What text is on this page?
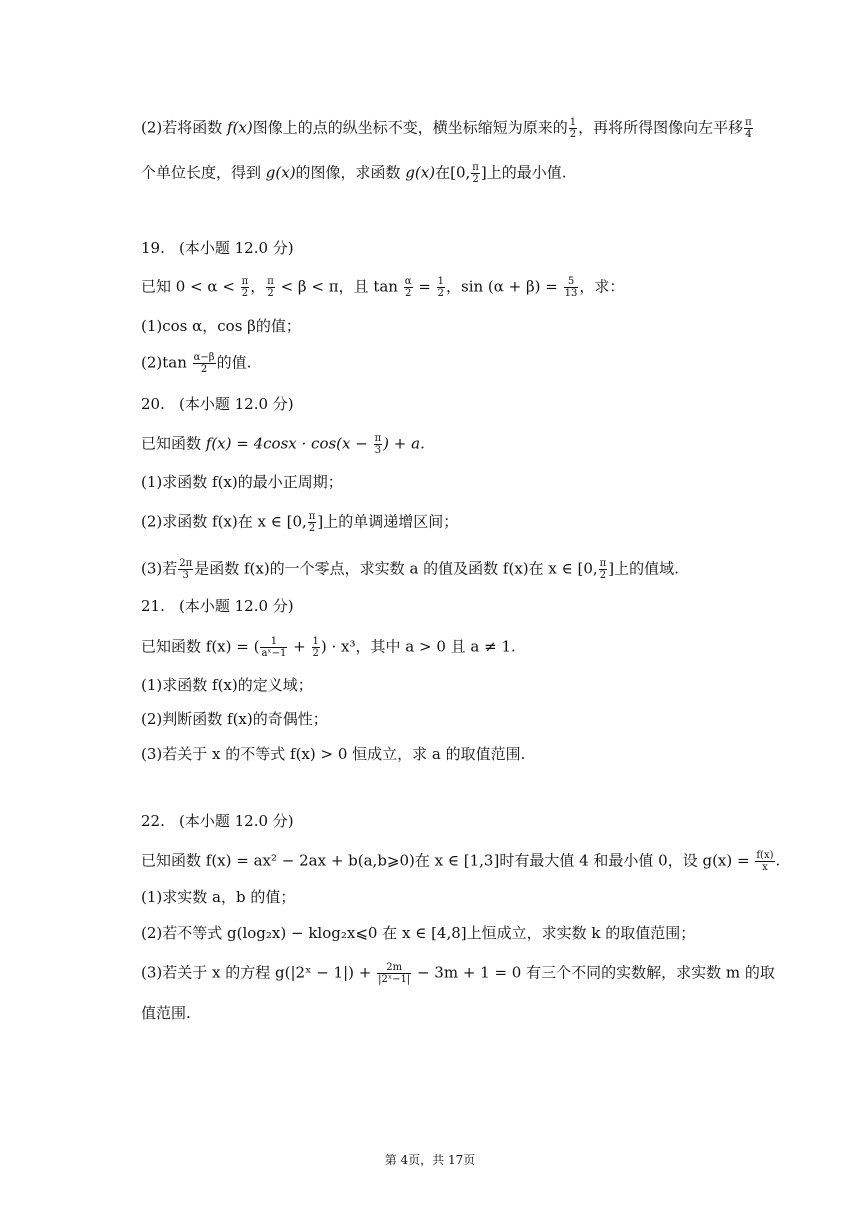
(2)若将函数 f(x)图像上的点的纵坐标不变，横坐标缩短为原来的 $\frac{1}{2}$ ，再将所得图像向左平移 $\frac{\pi}{4}$
个单位长度，得到 g(x)的图像，求函数 g(x)在[0, $\frac{\pi}{2}$ ]上的最小值.
19. (本小题 12.0 分)
已知 $0 < \alpha < \frac{\pi}{2}$ ， $\frac{\pi}{2} < \beta < \pi$，且 $\tan \frac{\alpha}{2} = \frac{1}{2}$ ，$\sin (\alpha + \beta) = \frac{5}{13}$ ，求：
(1)cos α，cos β的值；
$(2)\tan \frac{\alpha-\beta}{2}$ 的值.
20. (本小题 12.0 分)
已知函数 $f(x) = 4\cos x \cdot \cos(x - \frac{\pi}{3}$ ) + a.
(1)求函数 f(x)的最小正周期；
(2)求函数 f(x)在 x ∈ [0, $\frac{\pi}{2}$ ]上的单调递增区间；
(3)若 $\frac{2\pi}{3}$ 是函数 f(x)的一个零点，求实数 a 的值及函数 f(x)在 x ∈ [0, $\frac{\pi}{2}$ ]上的值域.
21. (本小题 12.0 分)
已知函数 f(x) = ( $\frac{1}{\text{aˣ−1}} + \frac{1}{2}$ ) · x³，其中 a > 0 且 a ≠ 1.
(1)求函数 f(x)的定义域；
(2)判断函数 f(x)的奇偶性；
(3)若关于 x 的不等式 f(x) > 0 恒成立，求 a 的取值范围.
22. (本小题 12.0 分)
已知函数 f(x) = ax² − 2ax + b(a,b⩾0)在 x ∈ [1,3]时有最大值 4 和最小值 0，设 $g(x) = \frac{f(x)}{x}$ .
(1)求实数 a，b 的值；
(2)若不等式 g(log₂x) − klog₂x⩽0 在 x ∈ [4,8]上恒成立，求实数 k 的取值范围；
(3)若关于 x 的方程 g(|2ˣ − $1|) + \frac{2m}{\text{|2ˣ−1|}} - 3m + 1 = 0$ 有三个不同的实数解，求实数 m 的取
值范围.
第 4页，共 17页
